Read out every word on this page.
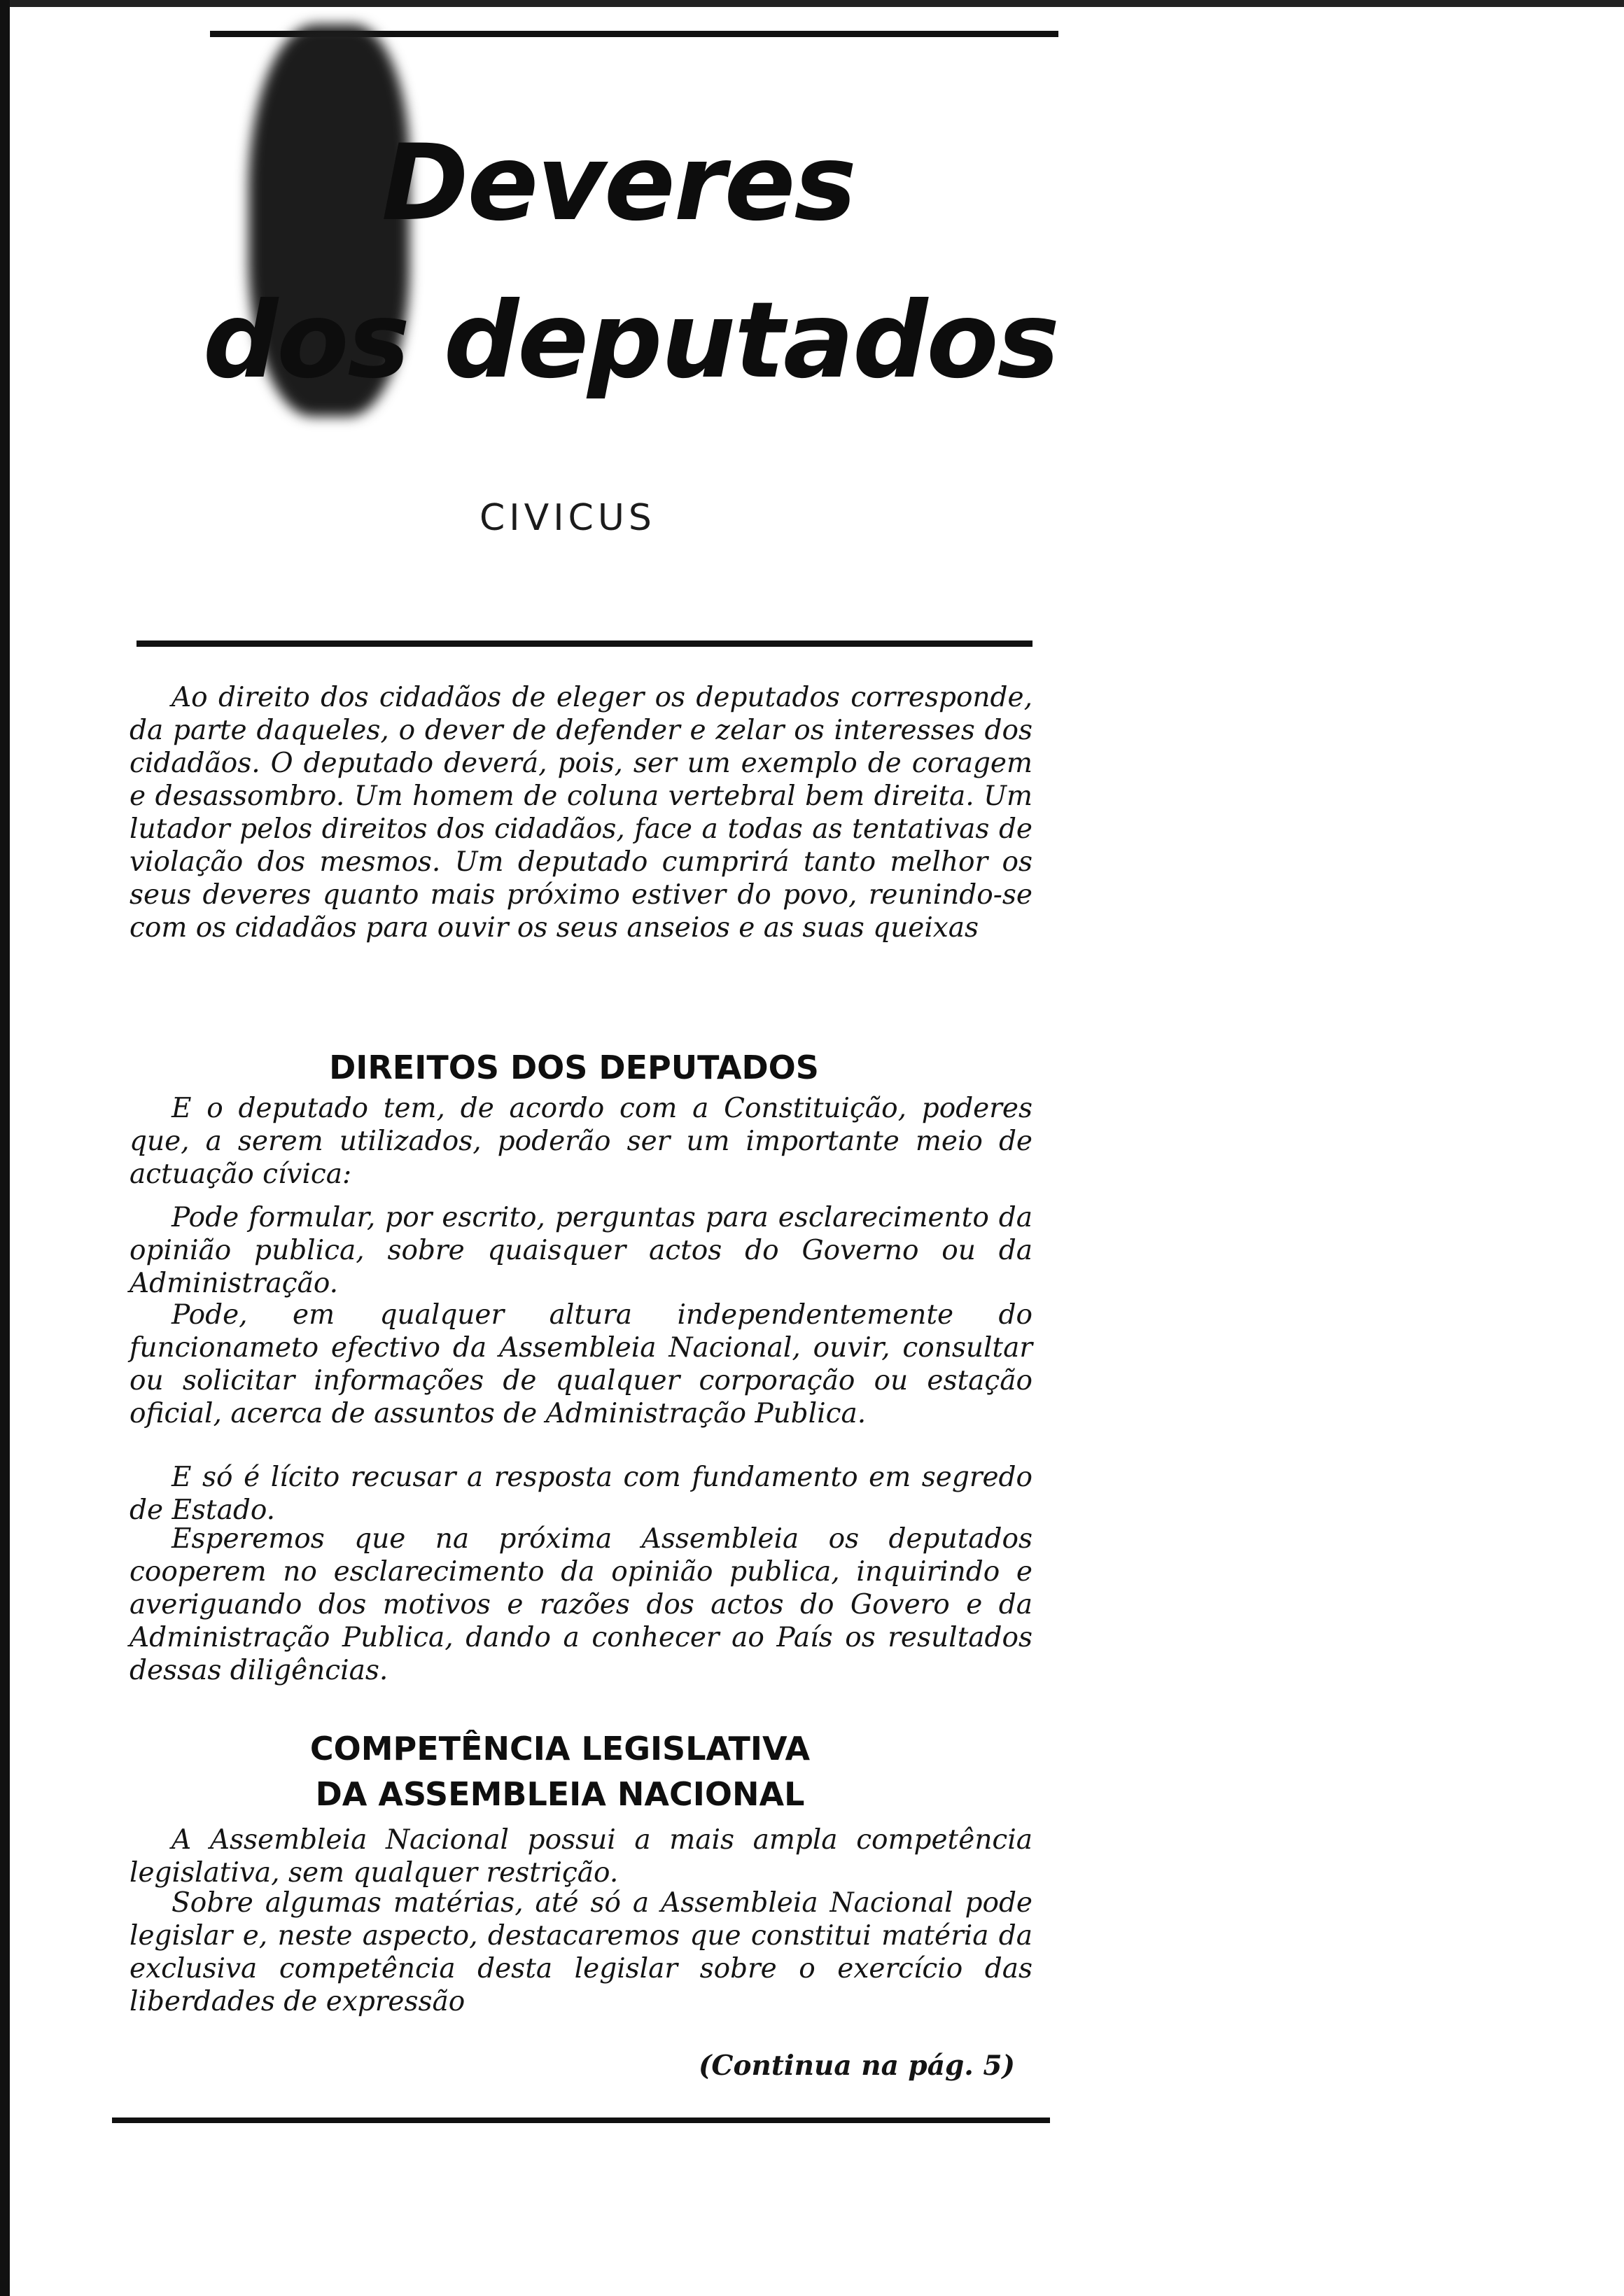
Deveres
dos deputados
CIVICUS

Ao direito dos cidadãos de eleger os deputados corresponde, da parte daqueles, o dever de defender e zelar os interesses dos cidadãos. O deputado deverá, pois, ser um exemplo de coragem e desassombro. Um homem de coluna vertebral bem direita. Um lutador pelos direitos dos cidadãos, face a todas as tentativas de violação dos mesmos. Um deputado cumprirá tanto melhor os seus deveres quanto mais próximo estiver do povo, reunindo-se com os cidadãos para ouvir os seus anseios e as suas queixas

DIREITOS DOS DEPUTADOS

E o deputado tem, de acordo com a Constituição, poderes que, a serem utilizados, poderão ser um importante meio de actuação cívica:

Pode formular, por escrito, perguntas para esclarecimento da opinião publica, sobre quaisquer actos do Governo ou da Administração.

Pode, em qualquer altura independentemente do funcionameto efectivo da Assembleia Nacional, ouvir, consultar ou solicitar informações de qualquer corporação ou estação oficial, acerca de assuntos de Administração Publica.

E só é lícito recusar a resposta com fundamento em segredo de Estado.

Esperemos que na próxima Assembleia os deputados cooperem no esclarecimento da opinião publica, inquirindo e averiguando dos motivos e razões dos actos do Govero e da Administração Publica, dando a conhecer ao País os resultados dessas diligências.

COMPETÊNCIA LEGISLATIVA
DA ASSEMBLEIA NACIONAL

A Assembleia Nacional possui a mais ampla competência legislativa, sem qualquer restrição.

Sobre algumas matérias, até só a Assembleia Nacional pode legislar e, neste aspecto, destacaremos que constitui matéria da exclusiva competência desta legislar sobre o exercício das liberdades de expressão

(Continua na pág. 5)
